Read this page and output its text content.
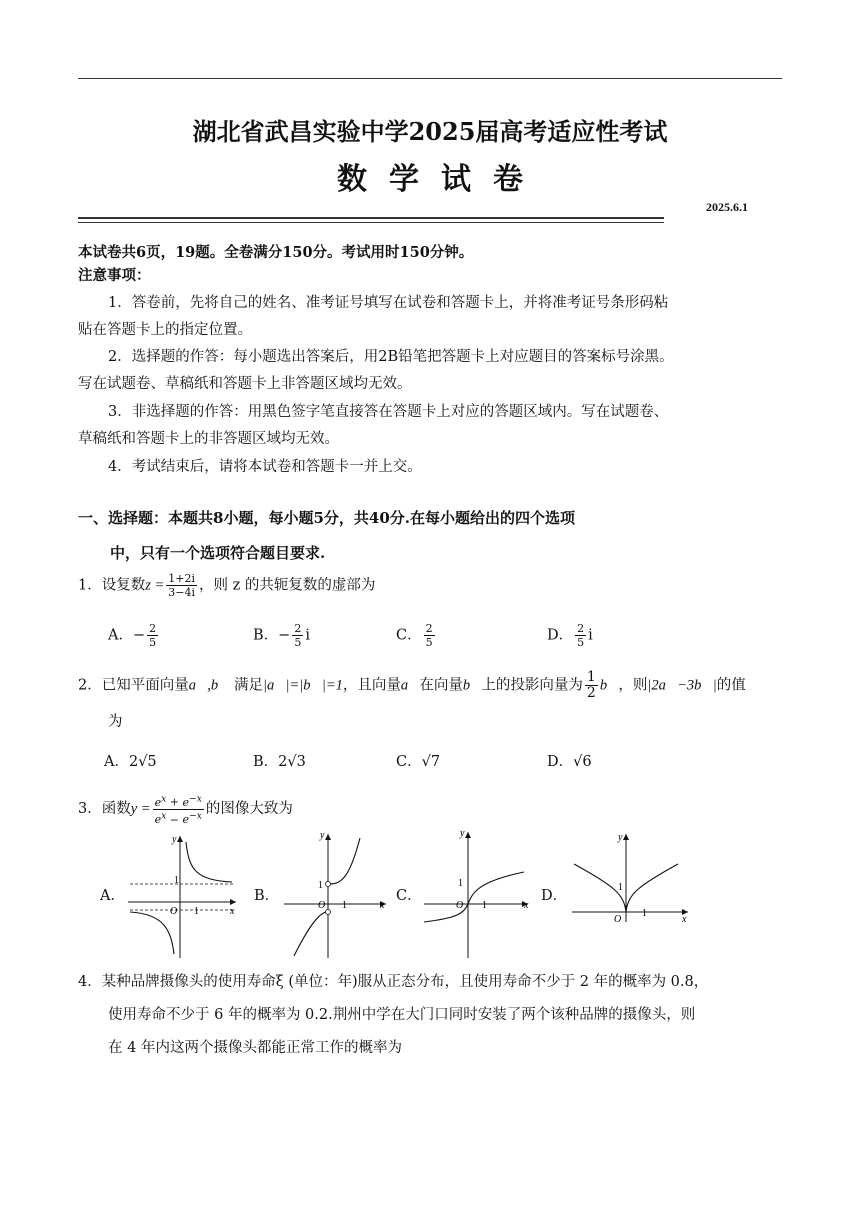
湖北省武昌实验中学2025届高考适应性考试
数学试卷
2025.6.1
本试卷共6页，19题。全卷满分150分。考试用时150分钟。
注意事项：
1．答卷前，先将自己的姓名、准考证号填写在试卷和答题卡上，并将准考证号条形码粘
贴在答题卡上的指定位置。
2．选择题的作答：每小题选出答案后，用2B铅笔把答题卡上对应题目的答案标号涂黑。
写在试题卷、草稿纸和答题卡上非答题区域均无效。
3．非选择题的作答：用黑色签字笔直接答在答题卡上对应的答题区域内。写在试题卷、
草稿纸和答题卡上的非答题区域均无效。
4．考试结束后，请将本试卷和答题卡一并上交。
一、选择题：本题共8小题，每小题5分，共40分.在每小题给出的四个选项
中，只有一个选项符合题目要求.
1．设复数$z = \frac{1+2i}{3-4i}$ ，则 z 的共轭复数的虚部为
A．− $\frac{2}{5}$	B．− $\frac{2}{5}$ i	C． $\frac{2}{5}$	D． $\frac{2}{5}$ i
2．已知平面向量a⃗,b⃗ 满足|a⃗|=|b⃗|=1，且向量a⃗在向量b⃗上的投影向量为 $\frac{1}{2}$ b⃗，则|2a⃗−3b⃗|的值
为
A．2√5	B．2√3	C．√7	D．√6
3．函数$y = \frac{e^x + e^{-x}}{e^x - e^{-x}}$ 的图像大致为
A．
y
1
O 1	x
B．
y
1
O 1	x
C．
y
1
O 1	x
D．
y
1
O
1
x
4．某种品牌摄像头的使用寿命ξ (单位：年)服从正态分布，且使用寿命不少于 2 年的概率为 0.8，
使用寿命不少于 6 年的概率为 0.2.荆州中学在大门口同时安装了两个该种品牌的摄像头，则
在 4 年内这两个摄像头都能正常工作的概率为
